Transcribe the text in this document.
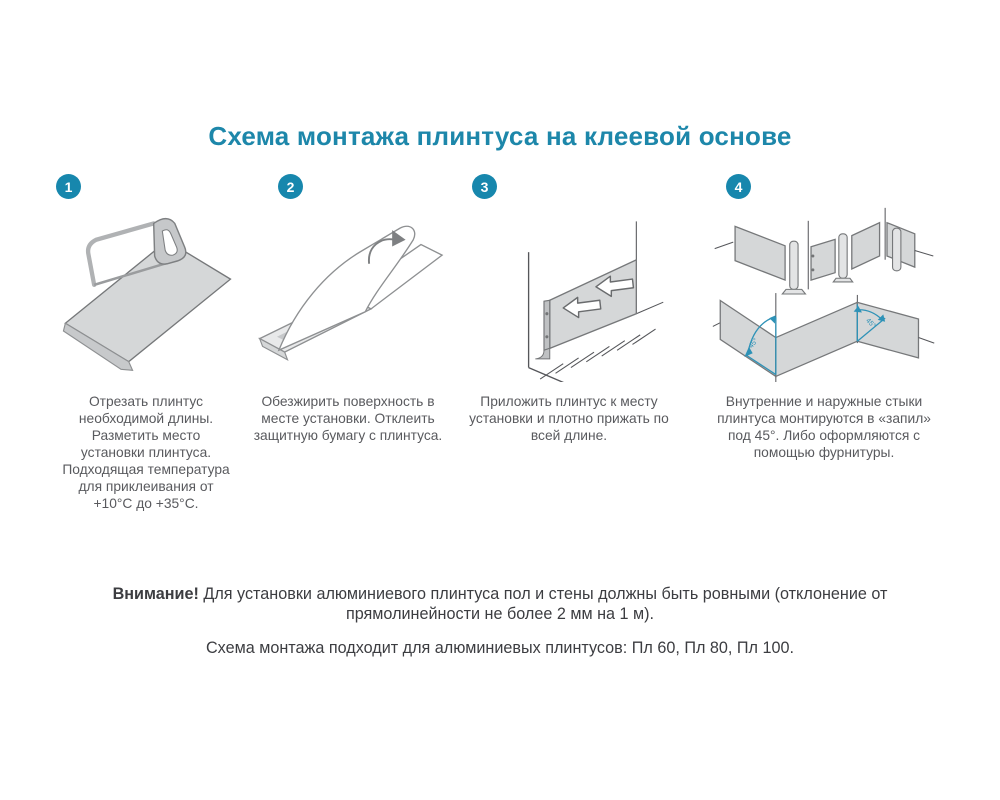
Схема монтажа плинтуса на клеевой основе
1
Отрезать плинтус необходимой длины. Разметить место установки плинтуса. Подходящая температура для приклеивания от +10°С до +35°С.
2
Обезжирить поверхность в месте установки. Отклеить защитную бумагу с плинтуса.
3
Приложить плинтус к месту установки и плотно прижать по всей длине.
4
45°
45°
Внутренние и наружные стыки плинтуса монтируются в «запил» под 45°. Либо оформляются с помощью фурнитуры.

Внимание! Для установки алюминиевого плинтуса пол и стены должны быть ровными (отклонение от прямолинейности не более 2 мм на 1 м).

Схема монтажа подходит для алюминиевых плинтусов: Пл 60, Пл 80, Пл 100.
